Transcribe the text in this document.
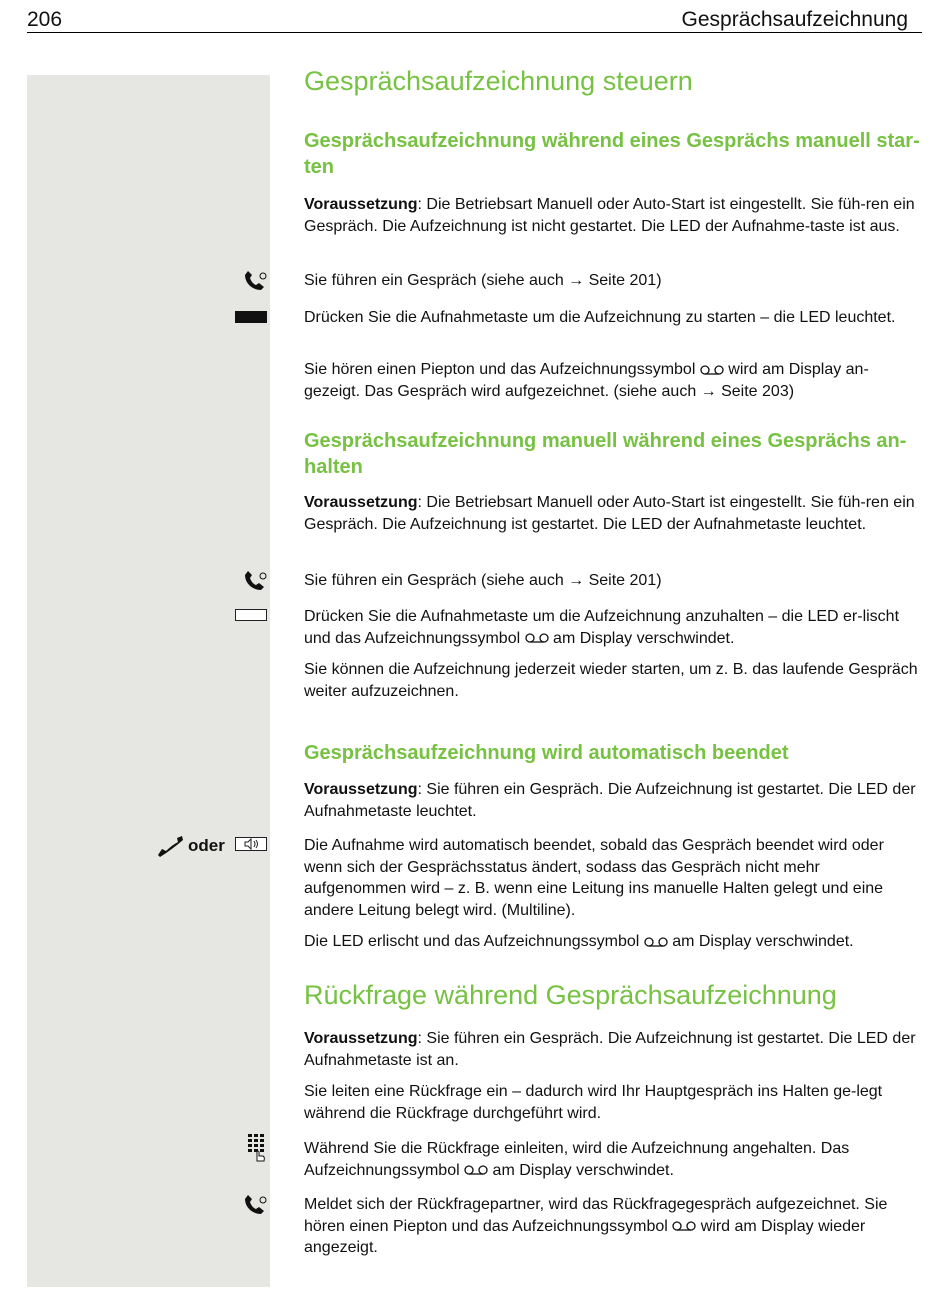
206	Gesprächsaufzeichnung
Gesprächsaufzeichnung steuern
Gesprächsaufzeichnung während eines Gesprächs manuell star-
ten

Voraussetzung: Die Betriebsart Manuell oder Auto-Start ist eingestellt. Sie füh-ren ein Gespräch. Die Aufzeichnung ist nicht gestartet. Die LED der Aufnahme-taste ist aus.

Sie führen ein Gespräch (siehe auch → Seite 201)

Drücken Sie die Aufnahmetaste um die Aufzeichnung zu starten – die LED leuchtet.

Sie hören einen Piepton und das Aufzeichnungssymbol wird am Display an-gezeigt. Das Gespräch wird aufgezeichnet. (siehe auch → Seite 203)

Gesprächsaufzeichnung manuell während eines Gesprächs an-halten

Voraussetzung: Die Betriebsart Manuell oder Auto-Start ist eingestellt. Sie füh-ren ein Gespräch. Die Aufzeichnung ist gestartet. Die LED der Aufnahmetaste leuchtet.

Sie führen ein Gespräch (siehe auch → Seite 201)

Drücken Sie die Aufnahmetaste um die Aufzeichnung anzuhalten – die LED er-lischt und das Aufzeichnungssymbol am Display verschwindet.

Sie können die Aufzeichnung jederzeit wieder starten, um z. B. das laufende Gespräch weiter aufzuzeichnen.

Gesprächsaufzeichnung wird automatisch beendet

Voraussetzung: Sie führen ein Gespräch. Die Aufzeichnung ist gestartet. Die LED der Aufnahmetaste leuchtet.

oder	Die Aufnahme wird automatisch beendet, sobald das Gespräch beendet wird oder wenn sich der Gesprächsstatus ändert, sodass das Gespräch nicht mehr aufgenommen wird – z. B. wenn eine Leitung ins manuelle Halten gelegt und eine andere Leitung belegt wird. (Multiline).

Die LED erlischt und das Aufzeichnungssymbol am Display verschwindet.

Rückfrage während Gesprächsaufzeichnung

Voraussetzung: Sie führen ein Gespräch. Die Aufzeichnung ist gestartet. Die LED der Aufnahmetaste ist an.

Sie leiten eine Rückfrage ein – dadurch wird Ihr Hauptgespräch ins Halten ge-legt während die Rückfrage durchgeführt wird.

Während Sie die Rückfrage einleiten, wird die Aufzeichnung angehalten. Das Aufzeichnungssymbol am Display verschwindet.

Meldet sich der Rückfragepartner, wird das Rückfragegespräch aufgezeichnet. Sie hören einen Piepton und das Aufzeichnungssymbol wird am Display wieder angezeigt.
